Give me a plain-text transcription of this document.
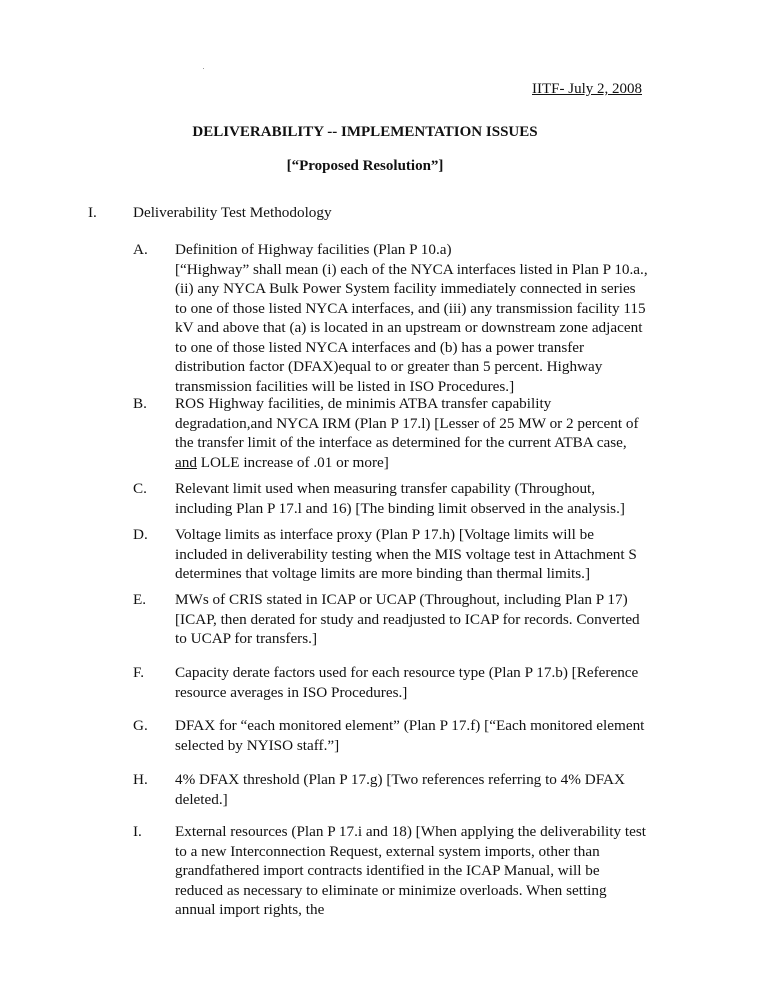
IITF- July 2, 2008
DELIVERABILITY -- IMPLEMENTATION ISSUES
[“Proposed Resolution”]
I. Deliverability Test Methodology
A. Definition of Highway facilities (Plan P 10.a)

[“Highway” shall mean (i) each of the NYCA interfaces listed in Plan P 10.a., (ii) any NYCA Bulk Power System facility immediately connected in series to one of those listed NYCA interfaces, and (iii) any transmission facility 115 kV and above that (a) is located in an upstream or downstream zone adjacent to one of those listed NYCA interfaces and (b) has a power transfer distribution factor (DFAX)equal to or greater than 5 percent. Highway transmission facilities will be listed in ISO Procedures.]

B. ROS Highway facilities, de minimis ATBA transfer capability degradation,and NYCA IRM (Plan P 17.l) [Lesser of 25 MW or 2 percent of the transfer limit of the interface as determined for the current ATBA case, and LOLE increase of .01 or more]
C. Relevant limit used when measuring transfer capability (Throughout, including Plan P 17.l and 16) [The binding limit observed in the analysis.]
D. Voltage limits as interface proxy (Plan P 17.h) [Voltage limits will be included in deliverability testing when the MIS voltage test in Attachment S determines that voltage limits are more binding than thermal limits.]
E. MWs of CRIS stated in ICAP or UCAP (Throughout, including Plan P 17) [ICAP, then derated for study and readjusted to ICAP for records. Converted to UCAP for transfers.]
F. Capacity derate factors used for each resource type (Plan P 17.b) [Reference resource averages in ISO Procedures.]
G. DFAX for “each monitored element” (Plan P 17.f) [“Each monitored element selected by NYISO staff.”]
H. 4% DFAX threshold (Plan P 17.g) [Two references referring to 4% DFAX deleted.]
I. External resources (Plan P 17.i and 18) [When applying the deliverability test to a new Interconnection Request, external system imports, other than grandfathered import contracts identified in the ICAP Manual, will be reduced as necessary to eliminate or minimize overloads. When setting annual import rights, the
